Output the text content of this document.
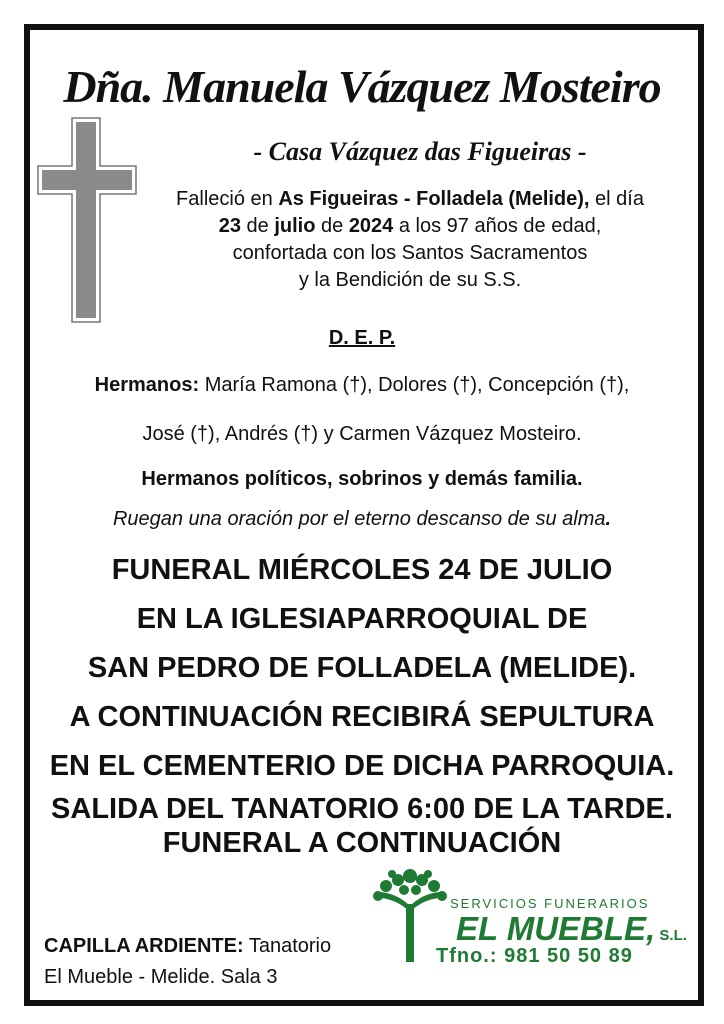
Dña. Manuela Vázquez Mosteiro
- Casa Vázquez das Figueiras -
Falleció en As Figueiras - Folladela (Melide), el día
23 de julio de 2024 a los 97 años de edad,
confortada con los Santos Sacramentos
y la Bendición de su S.S.
D. E. P.
Hermanos: María Ramona (†), Dolores (†), Concepción (†),
José (†), Andrés (†) y Carmen Vázquez Mosteiro.
Hermanos políticos, sobrinos y demás familia.
Ruegan una oración por el eterno descanso de su alma.
FUNERAL MIÉRCOLES 24 DE JULIO
EN LA IGLESIAPARROQUIAL DE
SAN PEDRO DE FOLLADELA (MELIDE).
A CONTINUACIÓN RECIBIRÁ SEPULTURA
EN EL CEMENTERIO DE DICHA PARROQUIA.
SALIDA DEL TANATORIO 6:00 DE LA TARDE.
FUNERAL A CONTINUACIÓN
CAPILLA ARDIENTE: Tanatorio
El Mueble - Melide. Sala 3
SERVICIOS FUNERARIOS
EL MUEBLE, S.L.
Tfno.: 981 50 50 89
